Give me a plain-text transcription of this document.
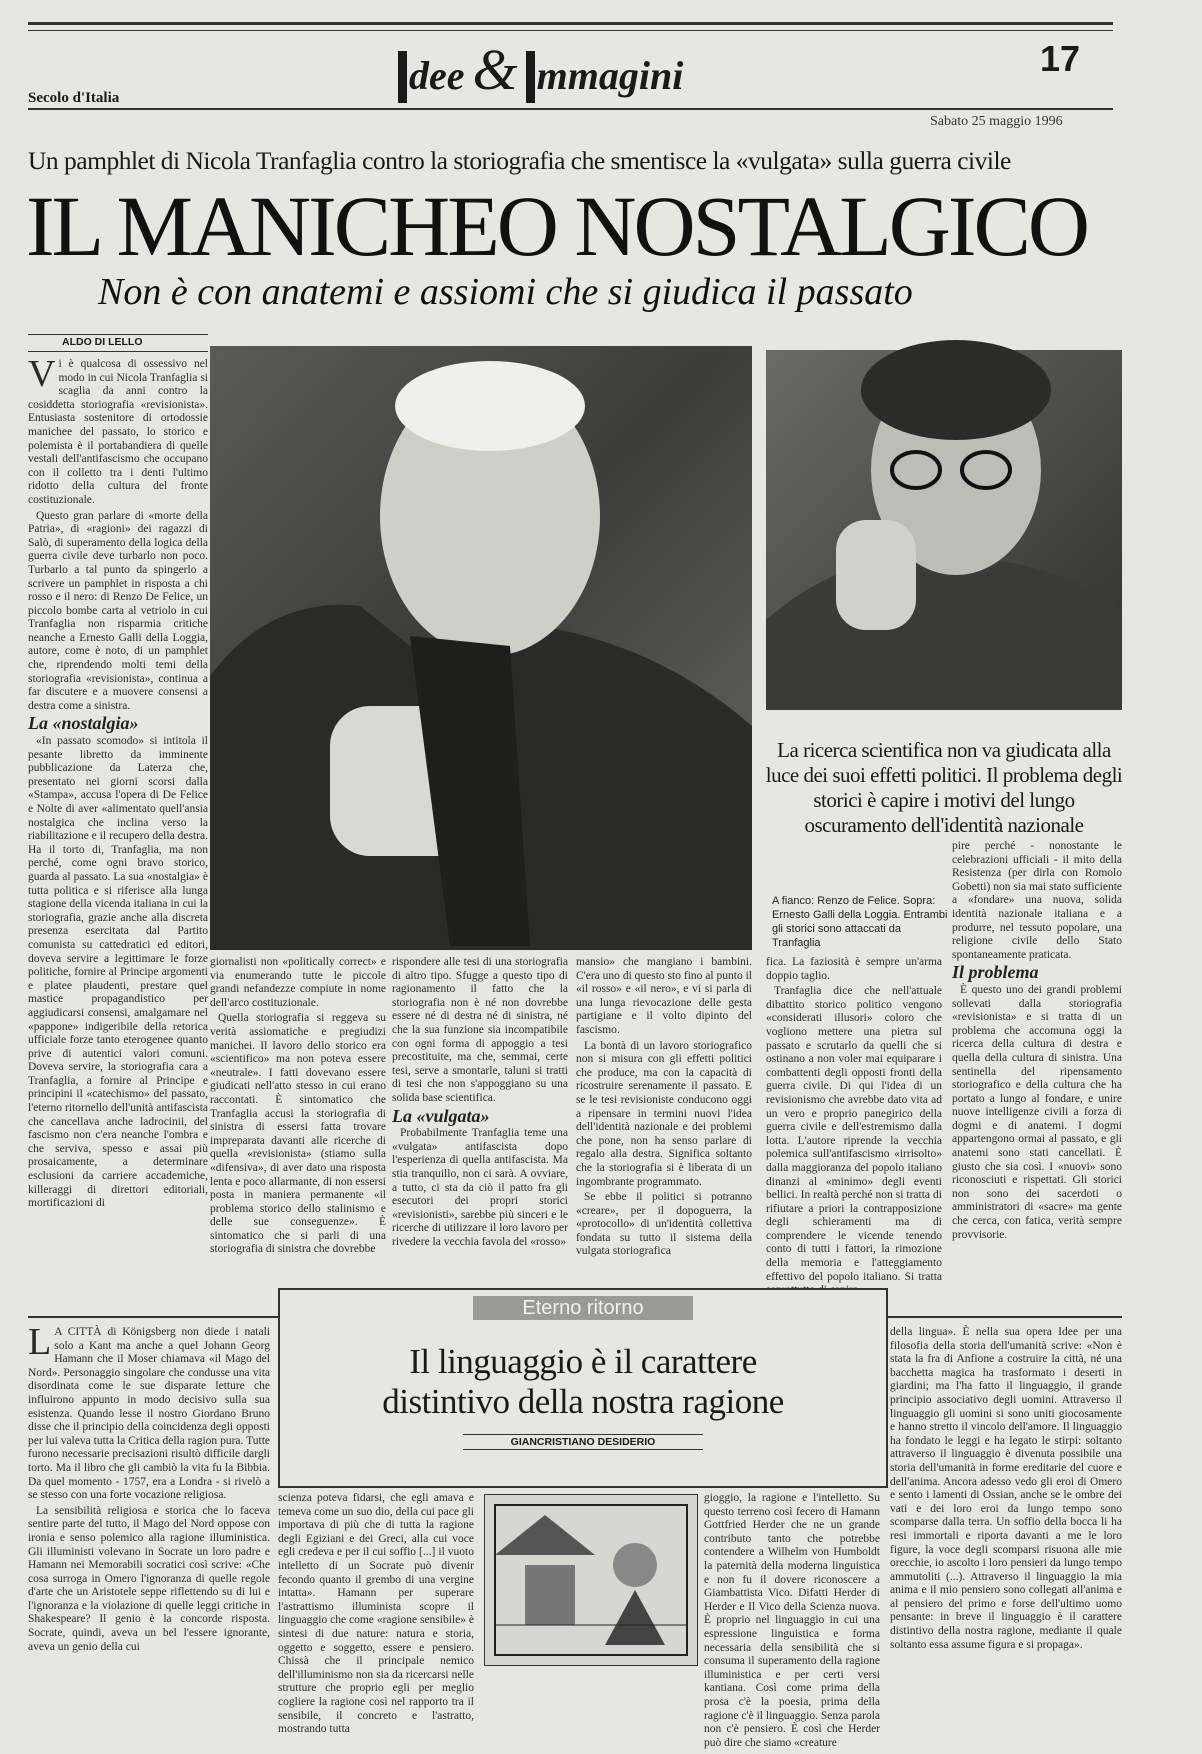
dee & mmagini	17
Secolo d'Italia
Sabato 25 maggio 1996
Un pamphlet di Nicola Tranfaglia contro la storiografia che smentisce la «vulgata» sulla guerra civile
IL MANICHEO NOSTALGICO
Non è con anatemi e assiomi che si giudica il passato
ALDO DI LELLO

Vi è qualcosa di ossessivo nel modo in cui Nicola Tranfaglia si scaglia da anni contro la cosiddetta storiografia «revisionista». Entusiasta sostenitore di ortodossie manichee del passato, lo storico e polemista è il portabandiera di quelle vestali dell'antifascismo che occupano con il colletto tra i denti l'ultimo ridotto della cultura del fronte costituzionale.

Questo gran parlare di «morte della Patria», di «ragioni» dei ragazzi di Salò, di superamento della logica della guerra civile deve turbarlo non poco. Turbarlo a tal punto da spingerlo a scrivere un pamphlet in risposta a chi rosso e il nero: di Renzo De Felice, un piccolo bombe carta al vetriolo in cui Tranfaglia non risparmia critiche neanche a Ernesto Galli della Loggia, autore, come è noto, di un pamphlet che, riprendendo molti temi della storiografia «revisionista», continua a far discutere e a muovere consensi a destra come a sinistra.

La «nostalgia»

«In passato scomodo» si intitola il pesante libretto da imminente pubblicazione da Laterza che, presentato nei giorni scorsi dalla «Stampa», accusa l'opera di De Felice e Nolte di aver «alimentato quell'ansia nostalgica che inclina verso la riabilitazione e il recupero della destra. Ha il torto di, Tranfaglia, ma non perché, come ogni bravo storico, guarda al passato. La sua «nostalgia» è tutta politica e si riferisce alla lunga stagione della vicenda italiana in cui la storiografia, grazie anche alla discreta presenza esercitata dal Partito comunista su cattedratici ed editori, doveva servire a legittimare le forze politiche, fornire al Principe argomenti e platee plaudenti, prestare quel mastice propagandistico per aggiudicarsi consensi, amalgamare nel «pappone» indigeribile della retorica ufficiale forze tanto eterogenee quanto prive di autentici valori comuni. Doveva servire, la storiografia cara a Tranfaglia, a fornire al Principe e principini il «catechismo» del passato, l'eterno ritornello dell'unità antifascista che cancellava anche ladrocinii, del fascismo non c'era neanche l'ombra e che serviva, spesso e assai più prosaicamente, a determinare esclusioni da carriere accademiche, killeraggi di direttori editoriali, mortificazioni di

La ricerca scientifica non va giudicata alla luce dei suoi effetti politici. Il problema degli storici è capire i motivi del lungo oscuramento dell'identità nazionale
A fianco: Renzo de Felice. Sopra: Ernesto Galli della Loggia. Entrambi gli storici sono attaccati da Tranfaglia

giornalisti non «politically correct» e via enumerando tutte le piccole grandi nefandezze compiute in nome dell'arco costituzionale.

Quella storiografia si reggeva su verità assiomatiche e pregiudizi manichei. Il lavoro dello storico era «scientifico» ma non poteva essere «neutrale». I fatti dovevano essere giudicati nell'atto stesso in cui erano raccontati. È sintomatico che Tranfaglia accusi la storiografia di sinistra di essersi fatta trovare impreparata davanti alle ricerche di quella «revisionista» (stiamo sulla «difensiva», di aver dato una risposta lenta e poco allarmante, di non essersi posta in maniera permanente «il problema storico dello stalinismo e delle sue conseguenze». È sintomatico che si parli di una storiografia di sinistra che dovrebbe

rispondere alle tesi di una storiografia di altro tipo. Sfugge a questo tipo di ragionamento il fatto che la storiografia non è né non dovrebbe essere né di destra né di sinistra, né che la sua funzione sia incompatibile con ogni forma di appoggio a tesi precostituite, ma che, semmai, certe tesi, serve a smontarle, taluni si tratti di tesi che non s'appoggiano su una solida base scientifica.

La «vulgata»

Probabilmente Tranfaglia teme una «vulgata» antifascista dopo l'esperienza di quella antifascista. Ma stia tranquillo, non ci sarà. A ovviare, a tutto, ci sta da ciò il patto fra gli esecutori dei propri storici «revisionisti», sarebbe più sinceri e le ricerche di utilizzare il loro lavoro per rivedere la vecchia favola del «rosso»

mansio» che mangiano i bambini. C'era uno di questo sto fino al punto il «il rosso» e «il nero», e vi si parla di una lunga rievocazione delle gesta partigiane e il volto dipinto del fascismo.

La bontà di un lavoro storiografico non si misura con gli effetti politici che produce, ma con la capacità di ricostruire serenamente il passato. E se le tesi revisioniste conducono oggi a ripensare in termini nuovi l'idea dell'identità nazionale e dei problemi che pone, non ha senso parlare di regalo alla destra. Significa soltanto che la storiografia si è liberata di un ingombrante programmato.

Se ebbe il politici si potranno «creare», per il dopoguerra, la «protocollo» di un'identità collettiva fondata su tutto il sistema della vulgata storiografica

fica. La faziosità è sempre un'arma doppio taglio.

Tranfaglia dice che nell'attuale dibattito storico politico vengono «considerati illusori» coloro che vogliono mettere una pietra sul passato e scrutarlo da quelli che si ostinano a non voler mai equiparare i combattenti degli opposti fronti della guerra civile. Di qui l'idea di un revisionismo che avrebbe dato vita ad un vero e proprio panegirico della guerra civile e dell'estremismo dalla lotta. L'autore riprende la vecchia polemica sull'antifascismo «irrisolto» dalla maggioranza del popolo italiano dinanzi al «minimo» degli eventi bellici. In realtà perché non si tratta di rifiutare a priori la contrapposizione degli schieramenti ma di comprendere le vicende tenendo conto di tutti i fattori, la rimozione della memoria e l'atteggiamento effettivo del popolo italiano. Si tratta

pire perché - nonostante le celebrazioni ufficiali - il mito della Resistenza (per dirla con Romolo Gobetti) non sia mai stato sufficiente a «fondare» una nuova, solida identità nazionale italiana e a produrre, nel tessuto popolare, una religione civile dello Stato spontaneamente praticata.

Il problema

È questo uno dei grandi problemi sollevati dalla storiografia «revisionista» e si tratta di un problema che accomuna oggi la ricerca della cultura di destra e quella della cultura di sinistra. Una sentinella del ripensamento storiografico e della cultura che ha portato a lungo al fondare, e unire nuove intelligenze civili a forza di dogmi e di anatemi. I dogmi appartengono ormai al passato, e gli anatemi sono stati cancellati. È giusto che sia così. I «nuovi» sono riconosciuti e rispettati. Gli storici non sono dei sacerdoti o amministratori di «sacre» ma gente che cerca, con fatica, verità sempre provvisorie.

Eterno ritorno
Il linguaggio è il carattere
distintivo della nostra ragione
GIANCRISTIANO DESIDERIO

L A CITTÀ di Königsberg non diede i natali solo a Kant ma anche a quel Johann Georg Hamann che il Moser chiamava «il Mago del Nord». Personaggio singolare che condusse una vita disordinata come le sue disparate letture che influirono appunto in modo decisivo sulla sua esistenza. Quando lesse il nostro Giordano Bruno disse che il principio della coincidenza degli opposti per lui valeva tutta la Critica della ragion pura. Tutte furono necessarie precisazioni risultò difficile dargli torto. Ma il libro che gli cambiò la vita fu la Bibbia. Da quel momento - 1757, era a Londra - si rivelò a se stesso con una forte vocazione religiosa.

La sensibilità religiosa e storica che lo faceva sentire parte del tutto, il Mago del Nord oppose con ironia e senso polemico alla ragione illuministica. Gli illuministi volevano in Socrate un loro padre e Hamann nei Memorabili socratici così scrive: «Che cosa surroga in Omero l'ignoranza di quelle regole d'arte che un Aristotele seppe riflettendo su di lui e l'ignoranza e la violazione di quelle leggi critiche in Shakespeare? Il genio è la concorde risposta. Socrate, quindi, aveva un bel l'essere ignorante, aveva un genio della cui

scienza poteva fidarsi, che egli amava e temeva come un suo dio, della cui pace gli importava di più che di tutta la ragione degli Egiziani e dei Greci, alla cui voce egli credeva e per il cui soffio [...] il vuoto intelletto di un Socrate può divenir fecondo quanto il grembo di una vergine intatta». Hamann per superare l'astrattismo illuminista scopre il linguaggio che come «ragione sensibile» è sintesi di due nature: natura e storia, oggetto e soggetto, essere e pensiero. Chissà che il principale nemico dell'illuminismo non sia da ricercarsi nelle strutture che proprio egli per meglio cogliere la ragione così nel rapporto tra il sensibile, il concreto e l'astratto, mostrando tutta

gioggio, la ragione e l'intelletto. Su questo terreno così fecero di Hamann Gottfried Herder che ne un grande contributo tanto che potrebbe contendere a Wilhelm von Humboldt la paternità della moderna linguistica e non fu il dovere riconoscere a Giambattista Vico. Difatti Herder di Herder e Il Vico della Scienza nuova. È proprio nel linguaggio in cui una espressione linguistica e forma necessaria della sensibilità che si consuma il superamento della ragione illuministica e per certi versi kantiana. Così come prima della prosa c'è la poesia, prima della ragione c'è il linguaggio. Senza parola non c'è pensiero. È così che Herder può dire che siamo «creature

della lingua». È nella sua opera Idee per una filosofia della storia dell'umanità scrive: «Non è stata la fra di Anfione a costruire la città, né una bacchetta magica ha trasformato i deserti in giardini; ma l'ha fatto il linguaggio, il grande principio associativo degli uomini. Attraverso il linguaggio gli uomini si sono uniti giocosamente e hanno stretto il vincolo dell'amore. Il linguaggio ha fondato le leggi e ha legato le stirpi: soltanto attraverso il linguaggio è divenuta possibile una storia dell'umanità in forme ereditarie del cuore e dell'anima. Ancora adesso vedo gli eroi di Omero e sento i lamenti di Ossian, anche se le ombre dei vati e dei loro eroi da lungo tempo sono scomparse dalla terra. Un soffio della bocca li ha resi immortali e riporta davanti a me le loro figure, la voce degli scomparsi risuona alle mie orecchie, io ascolto i loro pensieri da lungo tempo ammutoliti (...). Attraverso il linguaggio la mia anima e il mio pensiero sono collegati all'anima e al pensiero del primo e forse dell'ultimo uomo pensante: in breve il linguaggio è il carattere distintivo della nostra ragione, mediante il quale soltanto essa assume figura e si propaga».
